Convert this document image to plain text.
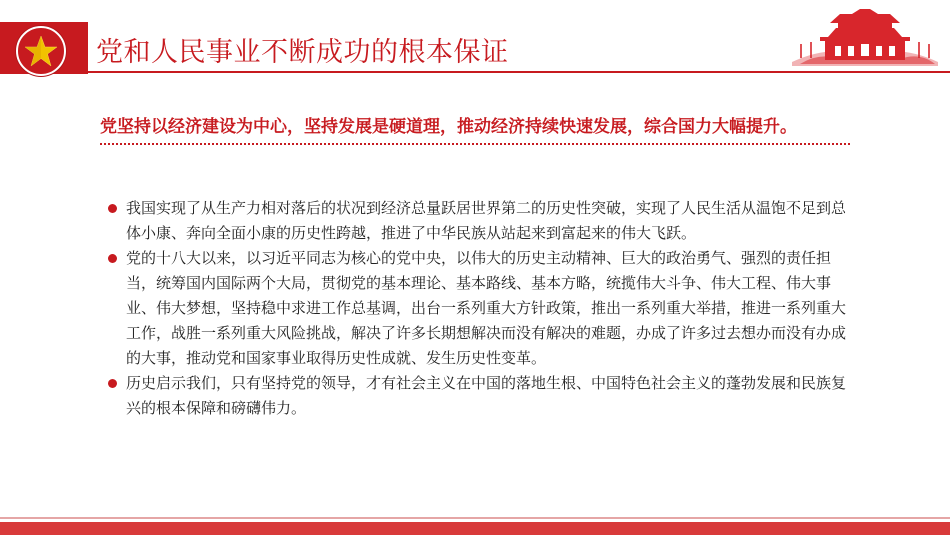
党和人民事业不断成功的根本保证
党坚持以经济建设为中心，坚持发展是硬道理，推动经济持续快速发展，综合国力大幅提升。
我国实现了从生产力相对落后的状况到经济总量跃居世界第二的历史性突破，实现了人民生活从温饱不足到总体小康、奔向全面小康的历史性跨越，推进了中华民族从站起来到富起来的伟大飞跃。
党的十八大以来，以习近平同志为核心的党中央，以伟大的历史主动精神、巨大的政治勇气、强烈的责任担当，统筹国内国际两个大局，贯彻党的基本理论、基本路线、基本方略，统揽伟大斗争、伟大工程、伟大事业、伟大梦想，坚持稳中求进工作总基调，出台一系列重大方针政策，推出一系列重大举措，推进一系列重大工作，战胜一系列重大风险挑战，解决了许多长期想解决而没有解决的难题，办成了许多过去想办而没有办成的大事，推动党和国家事业取得历史性成就、发生历史性变革。
历史启示我们，只有坚持党的领导，才有社会主义在中国的落地生根、中国特色社会主义的蓬勃发展和民族复兴的根本保障和磅礴伟力。
